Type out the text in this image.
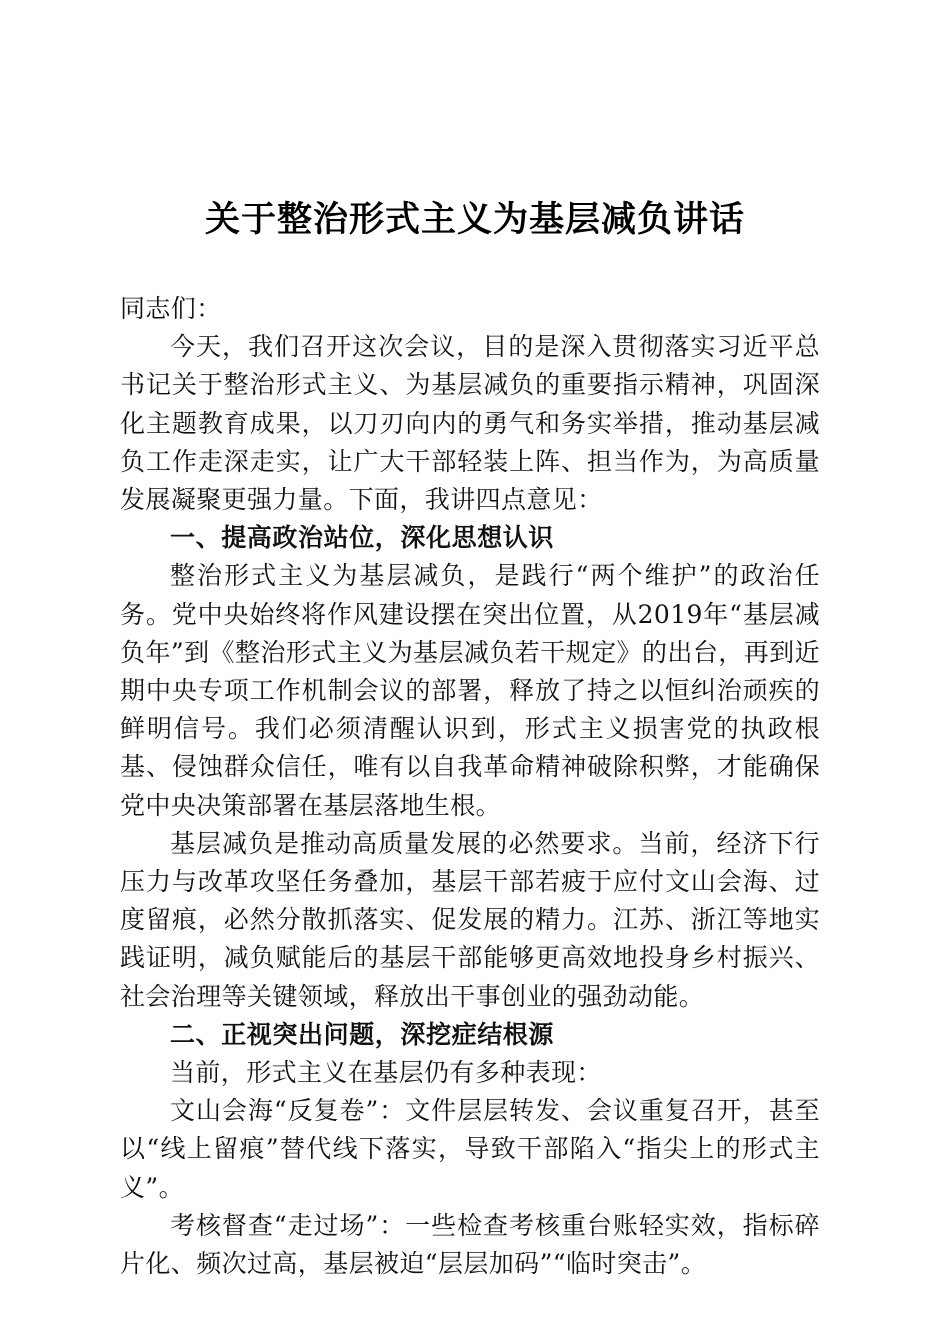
关于整治形式主义为基层减负讲话

同志们：

今天，我们召开这次会议，目的是深入贯彻落实习近平总书记关于整治形式主义、为基层减负的重要指示精神，巩固深化主题教育成果，以刀刃向内的勇气和务实举措，推动基层减负工作走深走实，让广大干部轻装上阵、担当作为，为高质量发展凝聚更强力量。下面，我讲四点意见：

一、提高政治站位，深化思想认识

整治形式主义为基层减负，是践行“两个维护”的政治任务。党中央始终将作风建设摆在突出位置，从2019年“基层减负年”到《整治形式主义为基层减负若干规定》的出台，再到近期中央专项工作机制会议的部署，释放了持之以恒纠治顽疾的鲜明信号。我们必须清醒认识到，形式主义损害党的执政根基、侵蚀群众信任，唯有以自我革命精神破除积弊，才能确保党中央决策部署在基层落地生根。

基层减负是推动高质量发展的必然要求。当前，经济下行压力与改革攻坚任务叠加，基层干部若疲于应付文山会海、过度留痕，必然分散抓落实、促发展的精力。江苏、浙江等地实践证明，减负赋能后的基层干部能够更高效地投身乡村振兴、社会治理等关键领域，释放出干事创业的强劲动能。

二、正视突出问题，深挖症结根源

当前，形式主义在基层仍有多种表现：

文山会海“反复卷”：文件层层转发、会议重复召开，甚至以“线上留痕”替代线下落实，导致干部陷入“指尖上的形式主义”。

考核督查“走过场”：一些检查考核重台账轻实效，指标碎片化、频次过高，基层被迫“层层加码”“临时突击”。
